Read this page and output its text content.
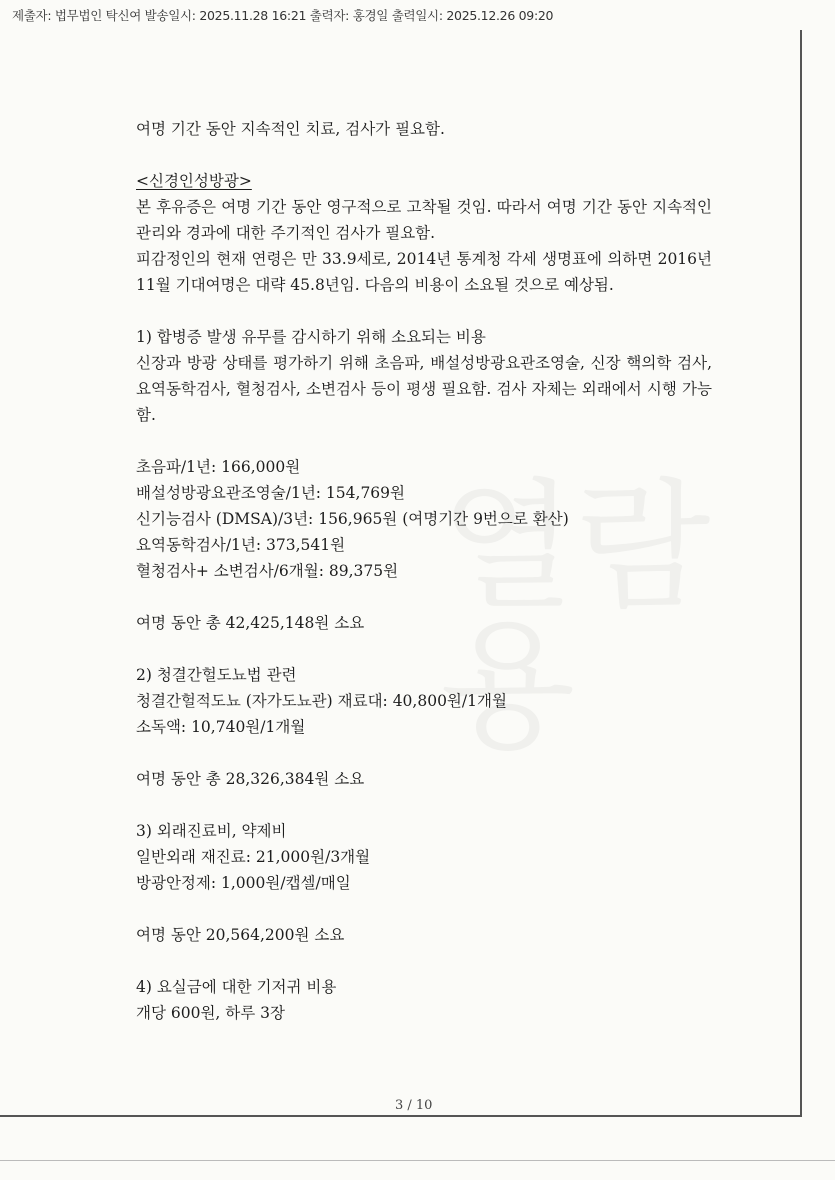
제출자: 법무법인 탁신여 발송일시: 2025.11.28 16:21 출력자: 홍경일 출력일시: 2025.12.26 09:20

여명 기간 동안 지속적인 치료, 검사가 필요함.

<신경인성방광>

본 후유증은 여명 기간 동안 영구적으로 고착될 것임. 따라서 여명 기간 동안 지속적인 관리와 경과에 대한 주기적인 검사가 필요함.

피감정인의 현재 연령은 만 33.9세로, 2014년 통계청 각세 생명표에 의하면 2016년 11월 기대여명은 대략 45.8년임. 다음의 비용이 소요될 것으로 예상됨.

1) 합병증 발생 유무를 감시하기 위해 소요되는 비용

신장과 방광 상태를 평가하기 위해 초음파, 배설성방광요관조영술, 신장 핵의학 검사, 요역동학검사, 혈청검사, 소변검사 등이 평생 필요함. 검사 자체는 외래에서 시행 가능함.

초음파/1년: 166,000원

배설성방광요관조영술/1년: 154,769원

신기능검사 (DMSA)/3년: 156,965원 (여명기간 9번으로 환산)

요역동학검사/1년: 373,541원

혈청검사+ 소변검사/6개월: 89,375원

여명 동안 총 42,425,148원 소요

2) 청결간헐도뇨법 관련

청결간헐적도뇨 (자가도뇨관) 재료대: 40,800원/1개월

소독액: 10,740원/1개월

여명 동안 총 28,326,384원 소요

3) 외래진료비, 약제비

일반외래 재진료: 21,000원/3개월

방광안정제: 1,000원/캡셀/매일

여명 동안 20,564,200원 소요

4) 요실금에 대한 기저귀 비용

개당 600원, 하루 3장

3 / 10
